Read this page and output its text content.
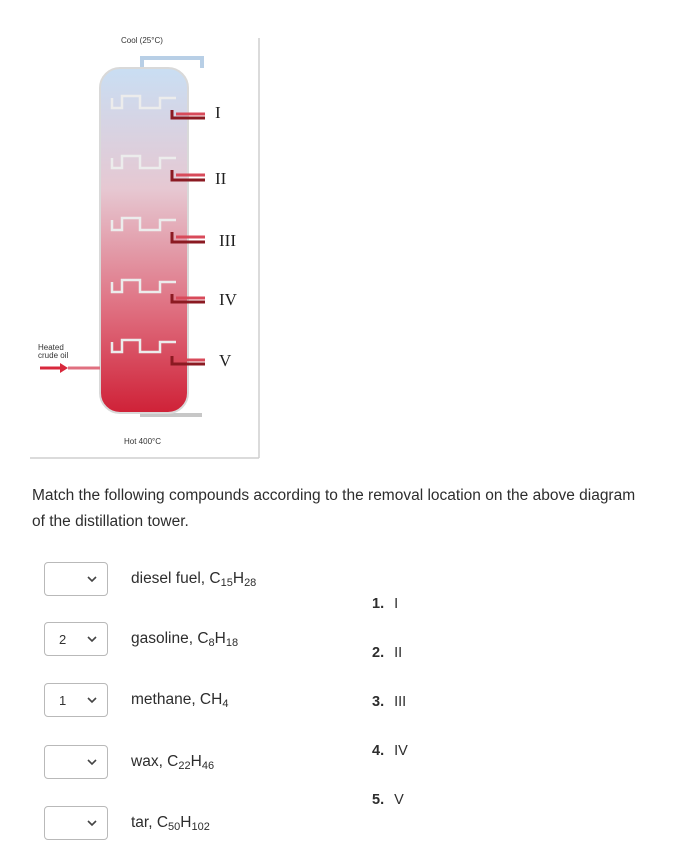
Cool (25°C)
Hot 400°C
Heated
crude oil
I
II
III
IV
V
Match the following compounds according to the removal location on the above diagram of the distillation tower.
diesel fuel, $C_{15}H_{28}$
2	gasoline, $C_8H_{18}$
1	methane, $CH_4$
wax, $C_{22}H_{46}$
tar, $C_{50}H_{102}$
1. I
2. II
3. III
4. IV
5. V
